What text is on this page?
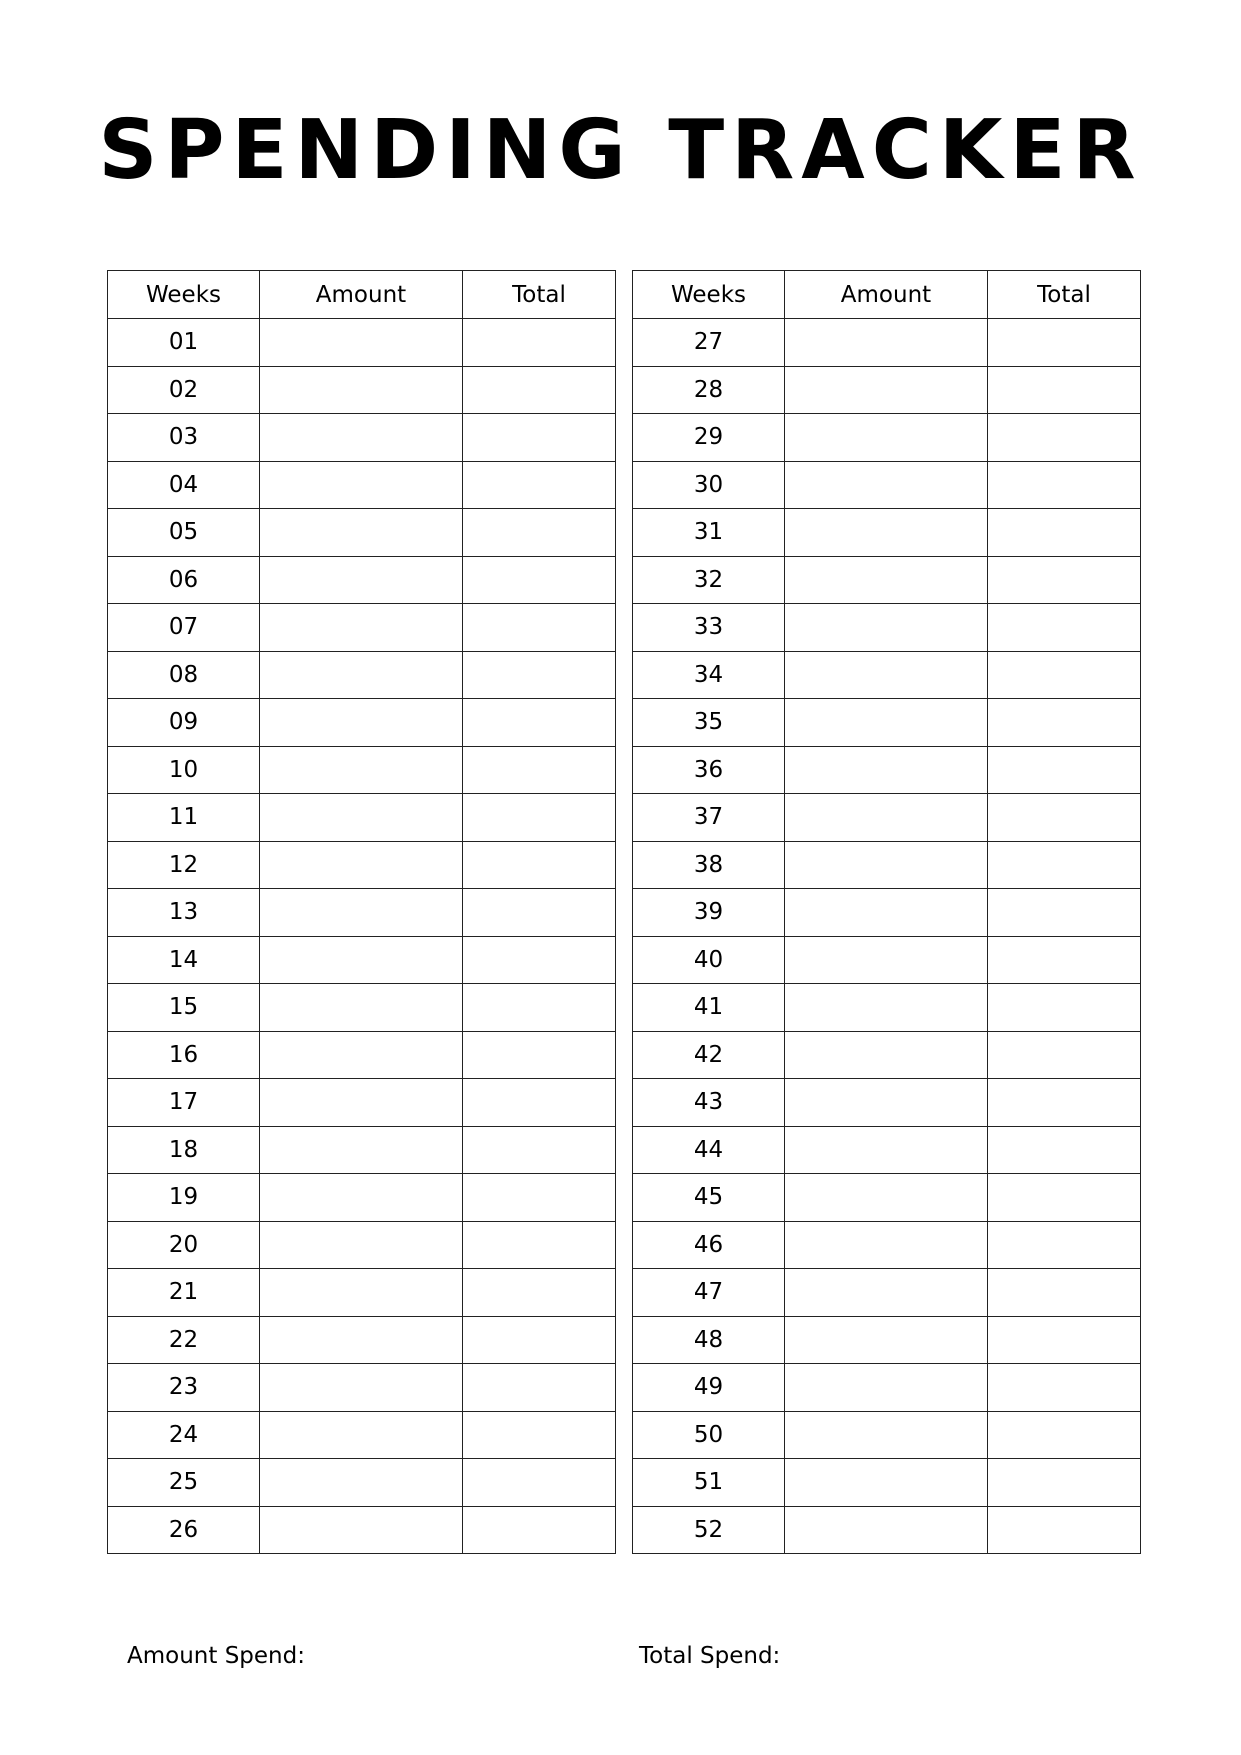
SPENDING TRACKER
Weeks	Amount	Total
01		
02		
03		
04		
05		
06		
07		
08		
09		
10		
11		
12		
13		
14		
15		
16		
17		
18		
19		
20		
21		
22		
23		
24		
25		
26		
Weeks	Amount	Total
27		
28		
29		
30		
31		
32		
33		
34		
35		
36		
37		
38		
39		
40		
41		
42		
43		
44		
45		
46		
47		
48		
49		
50		
51		
52		

Amount Spend:	Total Spend:
